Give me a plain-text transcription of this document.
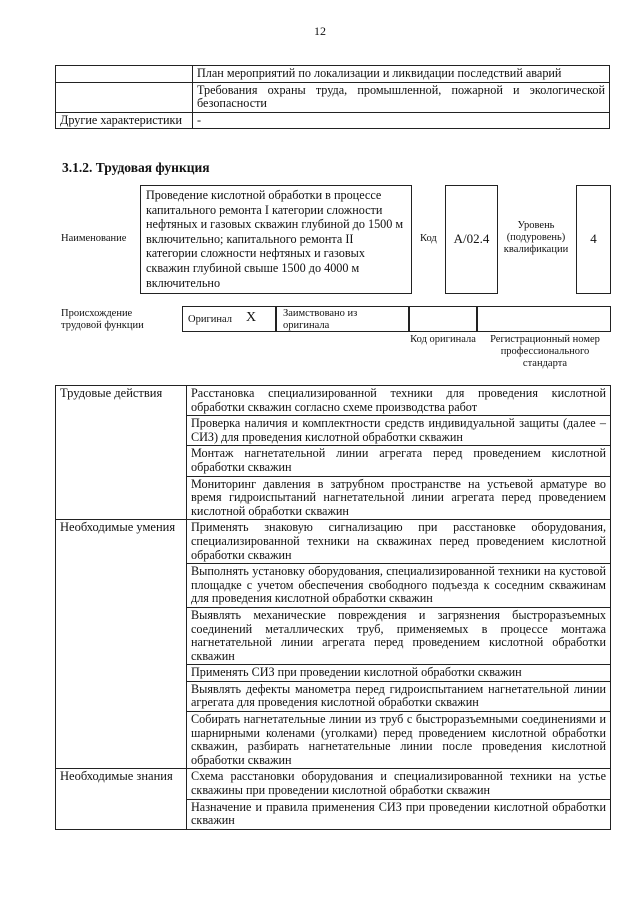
12
	План мероприятий по локализации и ликвидации последствий аварий
	Требования охраны труда, промышленной, пожарной и экологической безопасности
Другие характеристики	-
3.1.2. Трудовая функция
Наименование
Проведение кислотной обработки в процессе капитального ремонта I категории сложности нефтяных и газовых скважин глубиной до 1500 м включительно; капитального ремонта II категории сложности нефтяных и газовых скважин глубиной свыше 1500 до 4000 м включительно
Код	А/02.4
Уровень (подуровень) квалификации
4
Происхождение трудовой функции
Оригинал X	Заимствовано из оригинала
Код оригинала	Регистрационный номер профессионального стандарта
Трудовые действия	Расстановка специализированной техники для проведения кислотной обработки скважин согласно схеме производства работ
	Проверка наличия и комплектности средств индивидуальной защиты (далее – СИЗ) для проведения кислотной обработки скважин
	Монтаж нагнетательной линии агрегата перед проведением кислотной обработки скважин
	Мониторинг давления в затрубном пространстве на устьевой арматуре во время гидроиспытаний нагнетательной линии агрегата перед проведением кислотной обработки скважин
Необходимые умения	Применять знаковую сигнализацию при расстановке оборудования, специализированной техники на скважинах перед проведением кислотной обработки скважин
	Выполнять установку оборудования, специализированной техники на кустовой площадке с учетом обеспечения свободного подъезда к соседним скважинам для проведения кислотной обработки скважин
	Выявлять механические повреждения и загрязнения быстроразъемных соединений металлических труб, применяемых в процессе монтажа нагнетательной линии агрегата перед проведением кислотной обработки скважин
	Применять СИЗ при проведении кислотной обработки скважин
	Выявлять дефекты манометра перед гидроиспытанием нагнетательной линии агрегата для проведения кислотной обработки скважин
	Собирать нагнетательные линии из труб с быстроразъемными соединениями и шарнирными коленами (уголками) перед проведением кислотной обработки скважин, разбирать нагнетательные линии после проведения кислотной обработки скважин
Необходимые знания	Схема расстановки оборудования и специализированной техники на устье скважины при проведении кислотной обработки скважин
	Назначение и правила применения СИЗ при проведении кислотной обработки скважин
